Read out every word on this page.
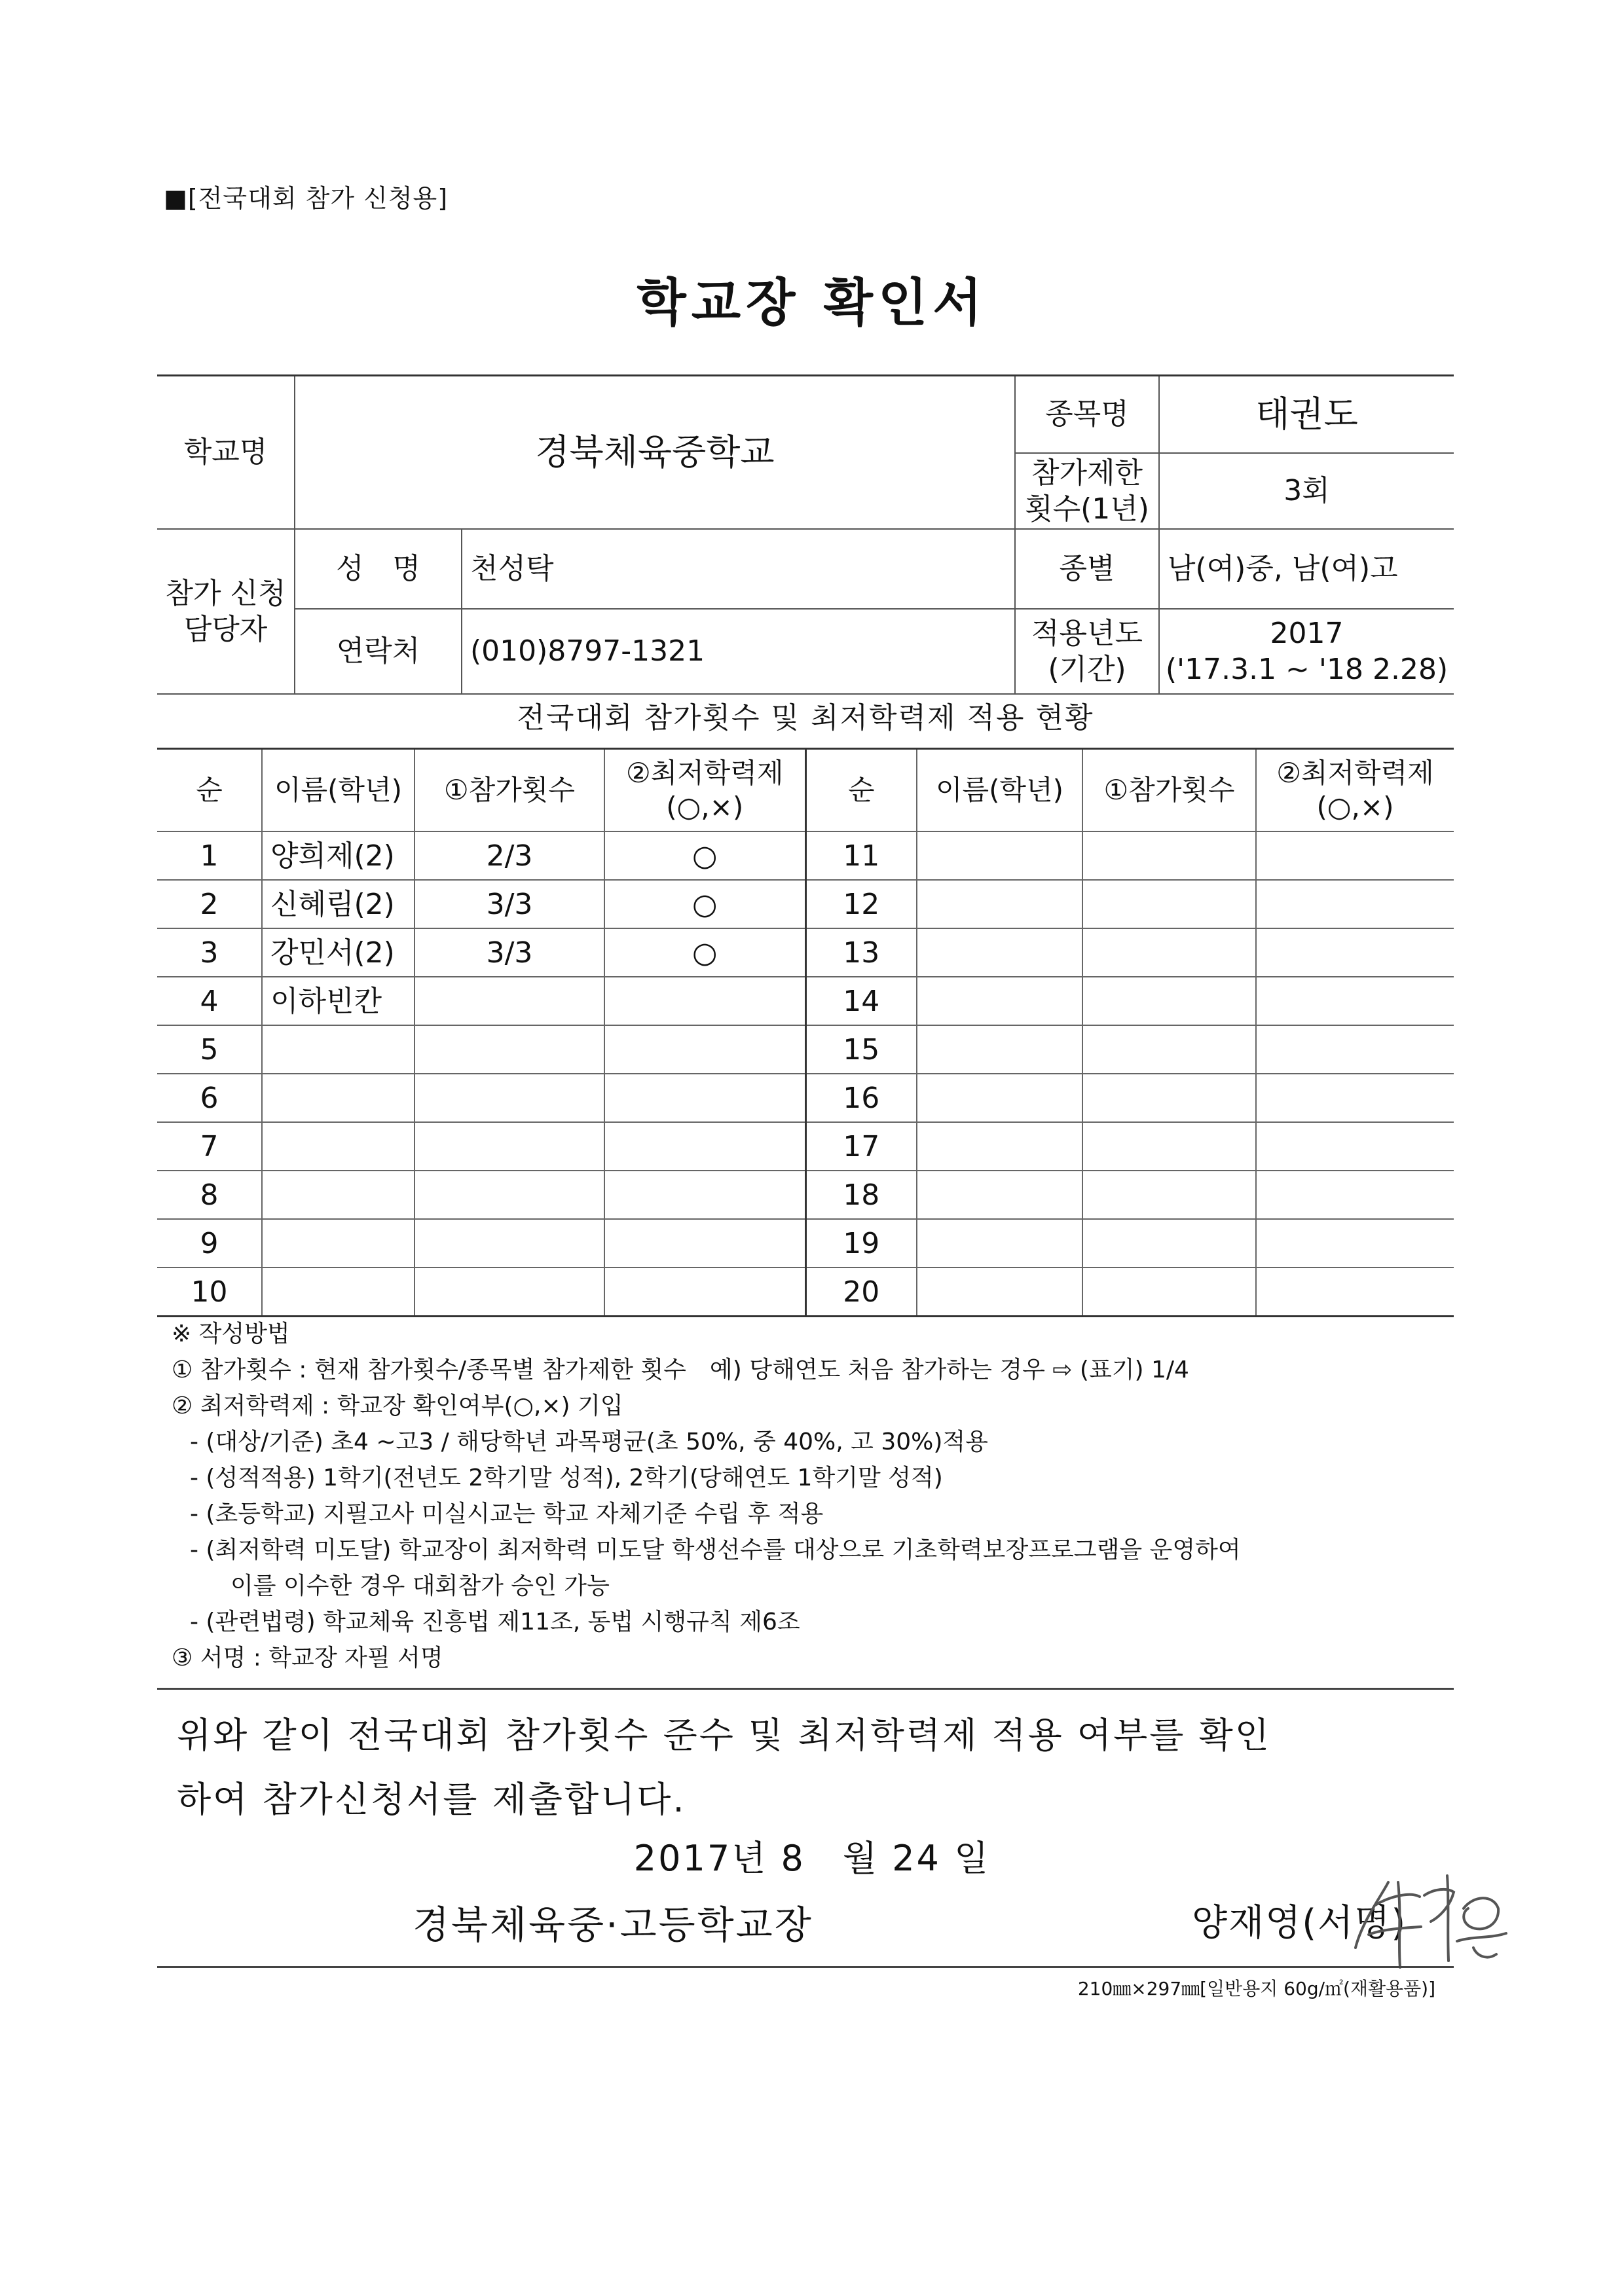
■[전국대회 참가 신청용]
학교장 확인서
학교명	경북체육중학교		종목명	태권도
			참가제한 횟수(1년)	3회
참가 신청 담당자	성　명	천성탁	종별	남(여)중, 남(여)고
	연락처	(010)8797-1321	적용년도 (기간)	2017
('17.3.1 ~ '18 2.28)
전국대회 참가횟수 및 최저학력제 적용 현황
순	이름(학년)	①참가횟수	②최저학력제 (○,×)	순	이름(학년)	①참가횟수	②최저학력제 (○,×)
1	양희제(2)	2/3	○	11			
2	신혜림(2)	3/3	○	12			
3	강민서(2)	3/3	○	13			
4	이하빈칸			14			
5				15			
6				16			
7				17			
8				18			
9				19			
10				20			
※ 작성방법
① 참가횟수 : 현재 참가횟수/종목별 참가제한 횟수　예) 당해연도 처음 참가하는 경우 ⇨ (표기) 1/4
② 최저학력제 : 학교장 확인여부(○,×) 기입
- (대상/기준) 초4 ~고3 / 해당학년 과목평균(초 50%, 중 40%, 고 30%)적용
- (성적적용) 1학기(전년도 2학기말 성적), 2학기(당해연도 1학기말 성적)
- (초등학교) 지필고사 미실시교는 학교 자체기준 수립 후 적용
- (최저학력 미도달) 학교장이 최저학력 미도달 학생선수를 대상으로 기초학력보장프로그램을 운영하여
이를 이수한 경우 대회참가 승인 가능
- (관련법령) 학교체육 진흥법 제11조, 동법 시행규칙 제6조
③ 서명 : 학교장 자필 서명
위와 같이 전국대회 참가횟수 준수 및 최저학력제 적용 여부를 확인
하여 참가신청서를 제출합니다.
2017년 8　월 24 일
경북체육중·고등학교장	양재영(서명)
210㎜×297㎜[일반용지 60g/㎡(재활용품)]
